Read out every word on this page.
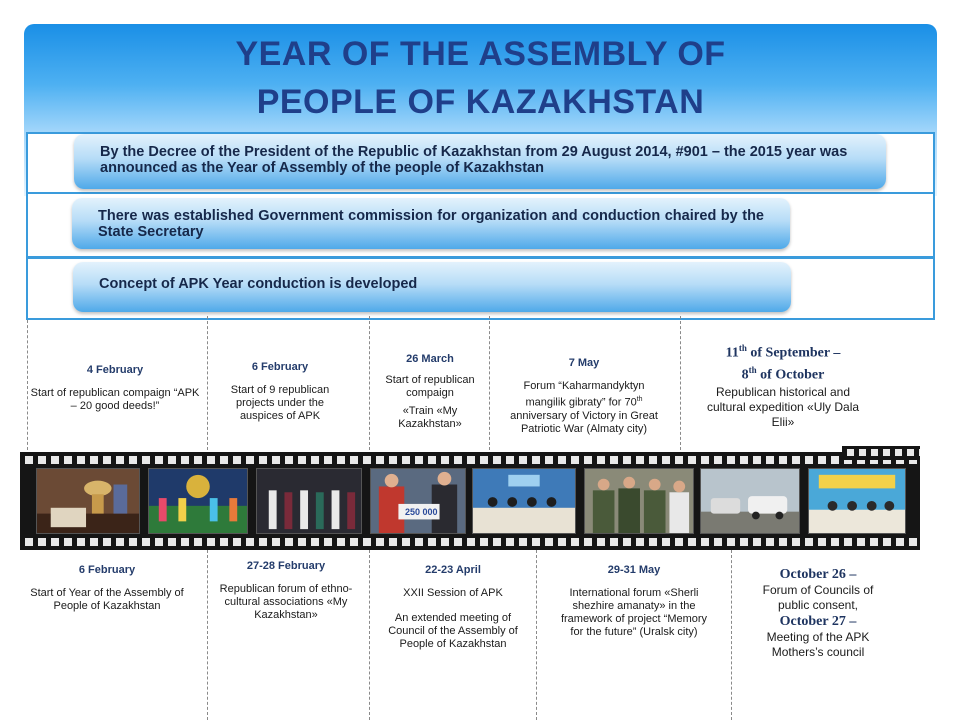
YEAR OF THE ASSEMBLY OF
PEOPLE OF KAZAKHSTAN
By the Decree of the President of the Republic of Kazakhstan from 29 August 2014, #901 – the 2015 year was announced as the Year of Assembly of the people of Kazakhstan
There was established Government commission for organization and conduction chaired by the State Secretary
Concept of APK Year conduction is developed
4 February
Start of republican compaign “APK – 20 good deeds!”
6 February
Start of 9 republican projects under the auspices of APK
26 March
Start of republican compaign
«Train «My Kazakhstan»
7 May
Forum “Kaharmandyktyn mangilik gibraty” for 70th anniversary of Victory in Great Patriotic War (Almaty city)
11th of September –
8th of October
Republican historical and cultural expedition «Uly Dala Elii»
250 000
6 February
Start of Year of the Assembly of People of Kazakhstan
27-28 February
Republican forum of ethno-cultural associations «My Kazakhstan»
22-23 April
XXII Session of APK
An extended meeting of Council of the Assembly of People of Kazakhstan
29-31 May
International forum «Sherli shezhire amanaty» in the framework of project “Memory for the future” (Uralsk city)
October 26 –
Forum of Councils of public consent,
October 27 –
Meeting of the APK Mothers’s council
